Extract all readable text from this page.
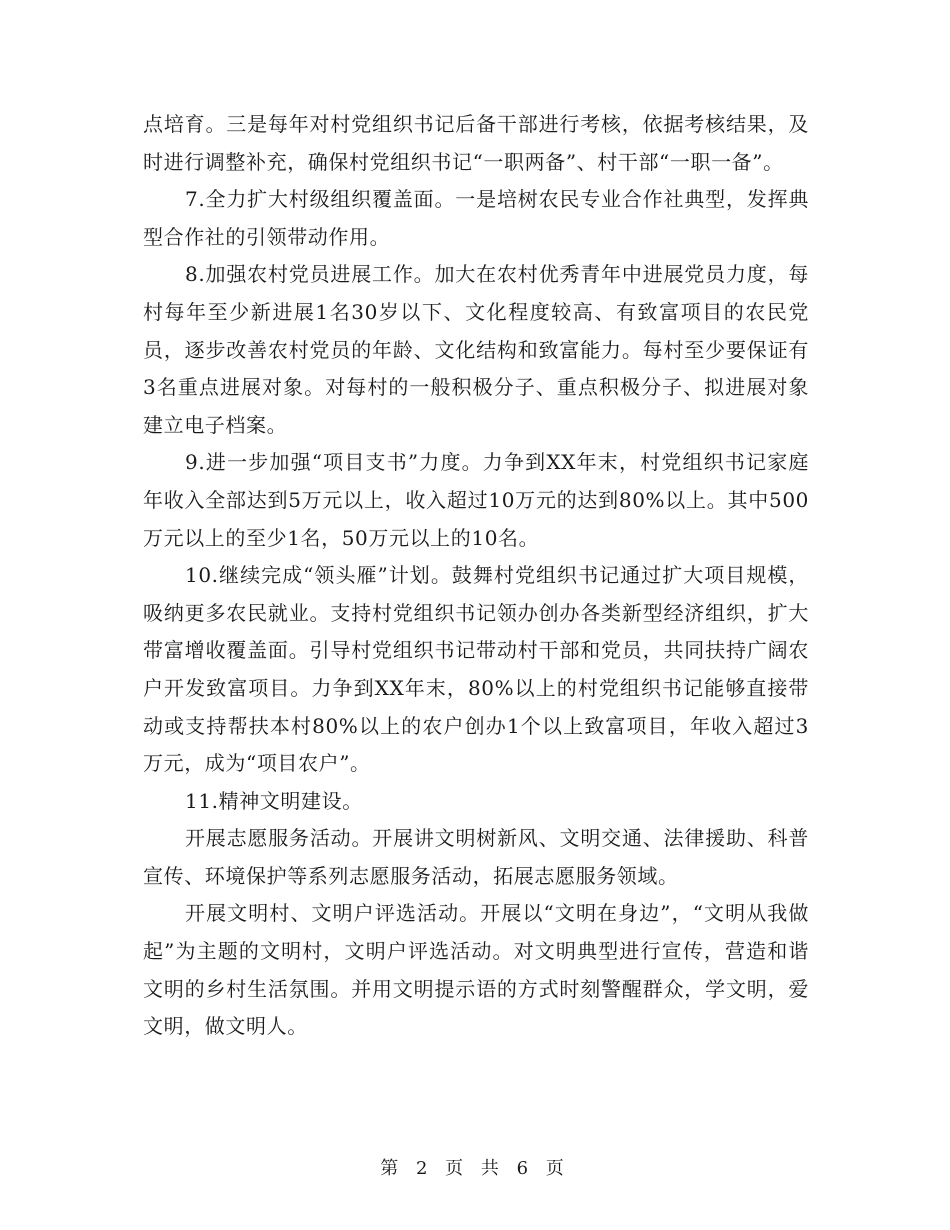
点培育。三是每年对村党组织书记后备干部进行考核，依据考核结果，及时进行调整补充，确保村党组织书记“一职两备”、村干部“一职一备”。

7.全力扩大村级组织覆盖面。一是培树农民专业合作社典型，发挥典型合作社的引领带动作用。

8.加强农村党员进展工作。加大在农村优秀青年中进展党员力度，每村每年至少新进展1名30岁以下、文化程度较高、有致富项目的农民党员，逐步改善农村党员的年龄、文化结构和致富能力。每村至少要保证有3名重点进展对象。对每村的一般积极分子、重点积极分子、拟进展对象建立电子档案。

9.进一步加强“项目支书”力度。力争到XX年末，村党组织书记家庭年收入全部达到5万元以上，收入超过10万元的达到80%以上。其中500万元以上的至少1名，50万元以上的10名。

10.继续完成“领头雁”计划。鼓舞村党组织书记通过扩大项目规模，吸纳更多农民就业。支持村党组织书记领办创办各类新型经济组织，扩大带富增收覆盖面。引导村党组织书记带动村干部和党员，共同扶持广阔农户开发致富项目。力争到XX年末，80%以上的村党组织书记能够直接带动或支持帮扶本村80%以上的农户创办1个以上致富项目，年收入超过3万元，成为“项目农户”。

11.精神文明建设。

开展志愿服务活动。开展讲文明树新风、文明交通、法律援助、科普宣传、环境保护等系列志愿服务活动，拓展志愿服务领域。

开展文明村、文明户评选活动。开展以“文明在身边”，“文明从我做起”为主题的文明村，文明户评选活动。对文明典型进行宣传，营造和谐文明的乡村生活氛围。并用文明提示语的方式时刻警醒群众，学文明，爱文明，做文明人。

第 2 页 共 6 页
